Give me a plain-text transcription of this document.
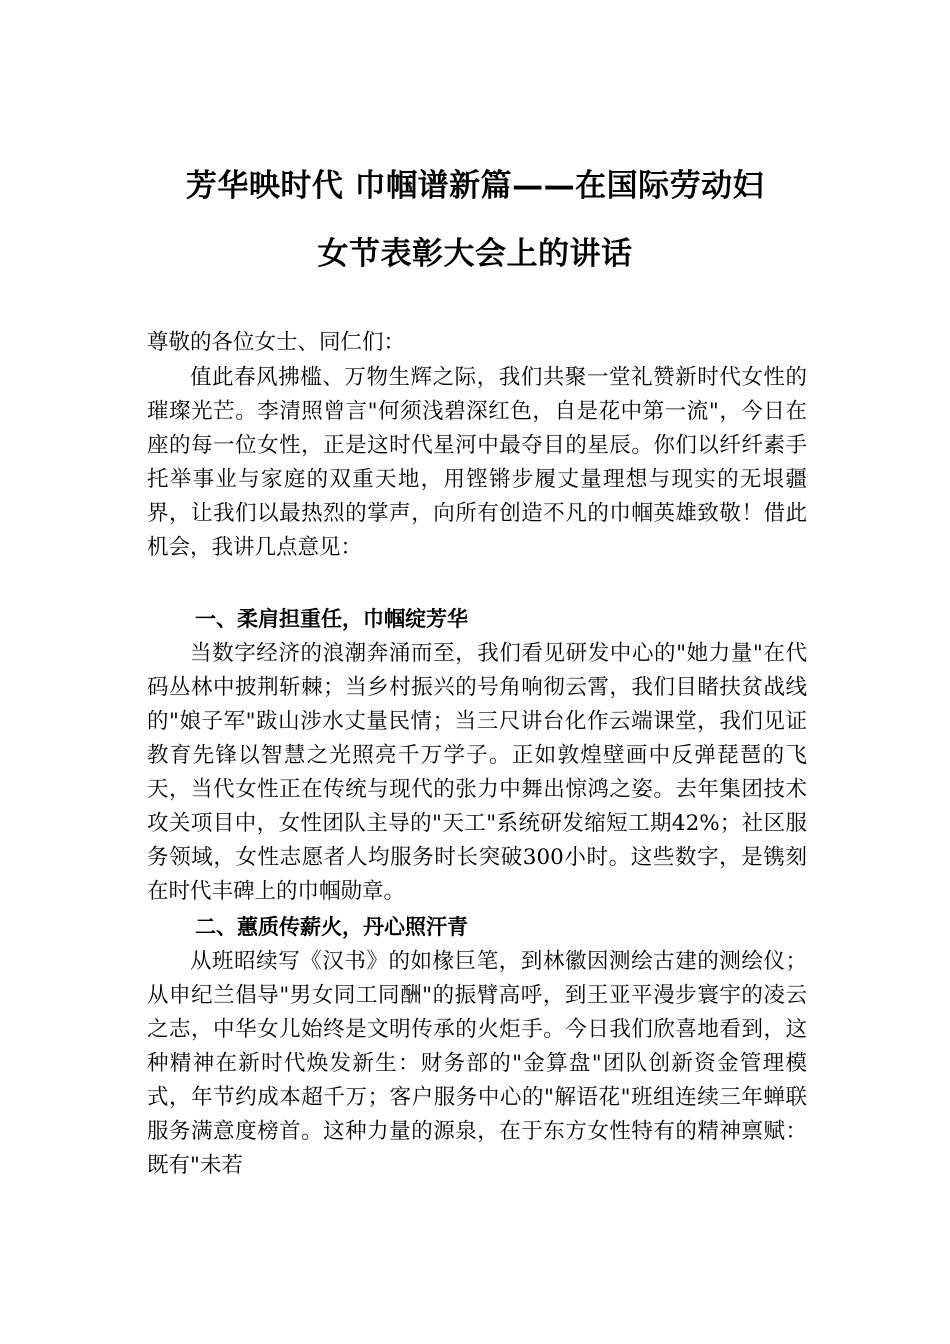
芳华映时代 巾帼谱新篇——在国际劳动妇
女节表彰大会上的讲话

尊敬的各位女士、同仁们：

值此春风拂槛、万物生辉之际，我们共聚一堂礼赞新时代女性的璀璨光芒。李清照曾言"何须浅碧深红色，自是花中第一流"，今日在座的每一位女性，正是这时代星河中最夺目的星辰。你们以纤纤素手托举事业与家庭的双重天地，用铿锵步履丈量理想与现实的无垠疆界，让我们以最热烈的掌声，向所有创造不凡的巾帼英雄致敬！借此机会，我讲几点意见：

一、柔肩担重任，巾帼绽芳华

当数字经济的浪潮奔涌而至，我们看见研发中心的"她力量"在代码丛林中披荆斩棘；当乡村振兴的号角响彻云霄，我们目睹扶贫战线的"娘子军"跋山涉水丈量民情；当三尺讲台化作云端课堂，我们见证教育先锋以智慧之光照亮千万学子。正如敦煌壁画中反弹琵琶的飞天，当代女性正在传统与现代的张力中舞出惊鸿之姿。去年集团技术攻关项目中，女性团队主导的"天工"系统研发缩短工期42%；社区服务领域，女性志愿者人均服务时长突破300小时。这些数字，是镌刻在时代丰碑上的巾帼勋章。

二、蕙质传薪火，丹心照汗青

从班昭续写《汉书》的如椽巨笔，到林徽因测绘古建的测绘仪；从申纪兰倡导"男女同工同酬"的振臂高呼，到王亚平漫步寰宇的凌云之志，中华女儿始终是文明传承的火炬手。今日我们欣喜地看到，这种精神在新时代焕发新生：财务部的"金算盘"团队创新资金管理模式，年节约成本超千万；客户服务中心的"解语花"班组连续三年蝉联服务满意度榜首。这种力量的源泉，在于东方女性特有的精神禀赋：既有"未若
